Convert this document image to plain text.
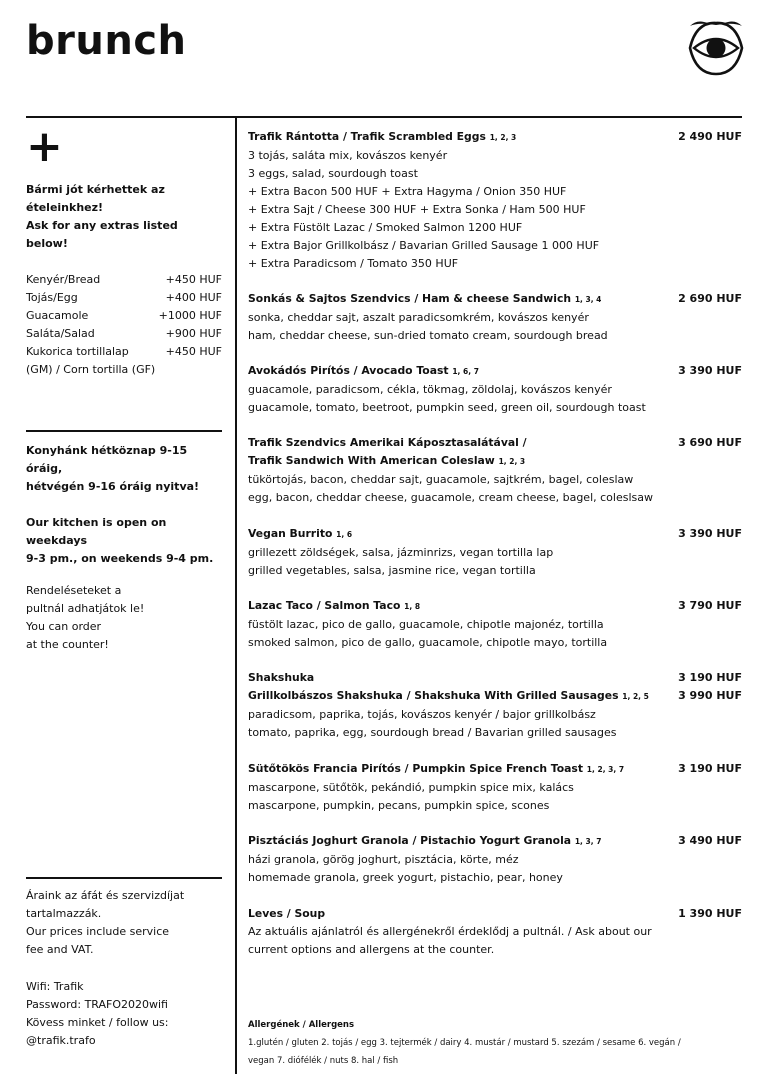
brunch
+
Bármi jót kérhettek az ételeinkhez!
Ask for any extras listed below!
Kenyér/Bread	+450 HUF
Tojás/Egg	+400 HUF
Guacamole	+1000 HUF
Saláta/Salad	+900 HUF
Kukorica tortillalap	+450 HUF
(GM) / Corn tortilla (GF)
Konyhánk hétköznap 9-15 óráig,
hétvégén 9-16 óráig nyitva!
Our kitchen is open on weekdays
9-3 pm., on weekends 9-4 pm.
Rendeléseteket a
pultnál adhatjátok le!
You can order
at the counter!
Áraink az áfát és szervizdíjat
tartalmazzák.
Our prices include service
fee and VAT.
Wifi: Trafik
Password: TRAFO2020wifi
Kövess minket / follow us:
@trafik.trafo
Trafik Rántotta / Trafik Scrambled Eggs 1, 2, 3	2 490 HUF
3 tojás, saláta mix, kovászos kenyér
3 eggs, salad, sourdough toast
+ Extra Bacon 500 HUF + Extra Hagyma / Onion 350 HUF
+ Extra Sajt / Cheese 300 HUF + Extra Sonka / Ham 500 HUF
+ Extra Füstölt Lazac / Smoked Salmon 1200 HUF
+ Extra Bajor Grillkolbász / Bavarian Grilled Sausage 1 000 HUF
+ Extra Paradicsom / Tomato 350 HUF
Sonkás & Sajtos Szendvics / Ham & cheese Sandwich 1, 3, 4	2 690 HUF
sonka, cheddar sajt, aszalt paradicsomkrém, kovászos kenyér
ham, cheddar cheese, sun-dried tomato cream, sourdough bread
Avokádós Pirítós / Avocado Toast 1, 6, 7	3 390 HUF
guacamole, paradicsom, cékla, tökmag, zöldolaj, kovászos kenyér
guacamole, tomato, beetroot, pumpkin seed, green oil, sourdough toast
Trafik Szendvics Amerikai Káposztasalátával /	3 690 HUF
Trafik Sandwich With American Coleslaw 1, 2, 3
tükörtojás, bacon, cheddar sajt, guacamole, sajtkrém, bagel, coleslaw
egg, bacon, cheddar cheese, guacamole, cream cheese, bagel, coleslsaw
Vegan Burrito 1, 6	3 390 HUF
grillezett zöldségek, salsa, jázminrizs, vegan tortilla lap
grilled vegetables, salsa, jasmine rice, vegan tortilla
Lazac Taco / Salmon Taco 1, 8	3 790 HUF
füstölt lazac, pico de gallo, guacamole, chipotle majonéz, tortilla
smoked salmon, pico de gallo, guacamole, chipotle mayo, tortilla
Shakshuka	3 190 HUF
Grillkolbászos Shakshuka / Shakshuka With Grilled Sausages 1, 2, 5	3 990 HUF
paradicsom, paprika, tojás, kovászos kenyér / bajor grillkolbász
tomato, paprika, egg, sourdough bread / Bavarian grilled sausages
Sütőtökös Francia Pirítós / Pumpkin Spice French Toast 1, 2, 3, 7	3 190 HUF
mascarpone, sütőtök, pekándió, pumpkin spice mix, kalács
mascarpone, pumpkin, pecans, pumpkin spice, scones
Pisztáciás Joghurt Granola / Pistachio Yogurt Granola 1, 3, 7	3 490 HUF
házi granola, görög joghurt, pisztácia, körte, méz
homemade granola, greek yogurt, pistachio, pear, honey
Leves / Soup	1 390 HUF
Az aktuális ajánlatról és allergénekről érdeklődj a pultnál. / Ask about our
current options and allergens at the counter.
Allergének / Allergens
1.glutén / gluten 2. tojás / egg 3. tejtermék / dairy 4. mustár / mustard 5. szezám / sesame 6. vegán /
vegan 7. diófélék / nuts 8. hal / fish
